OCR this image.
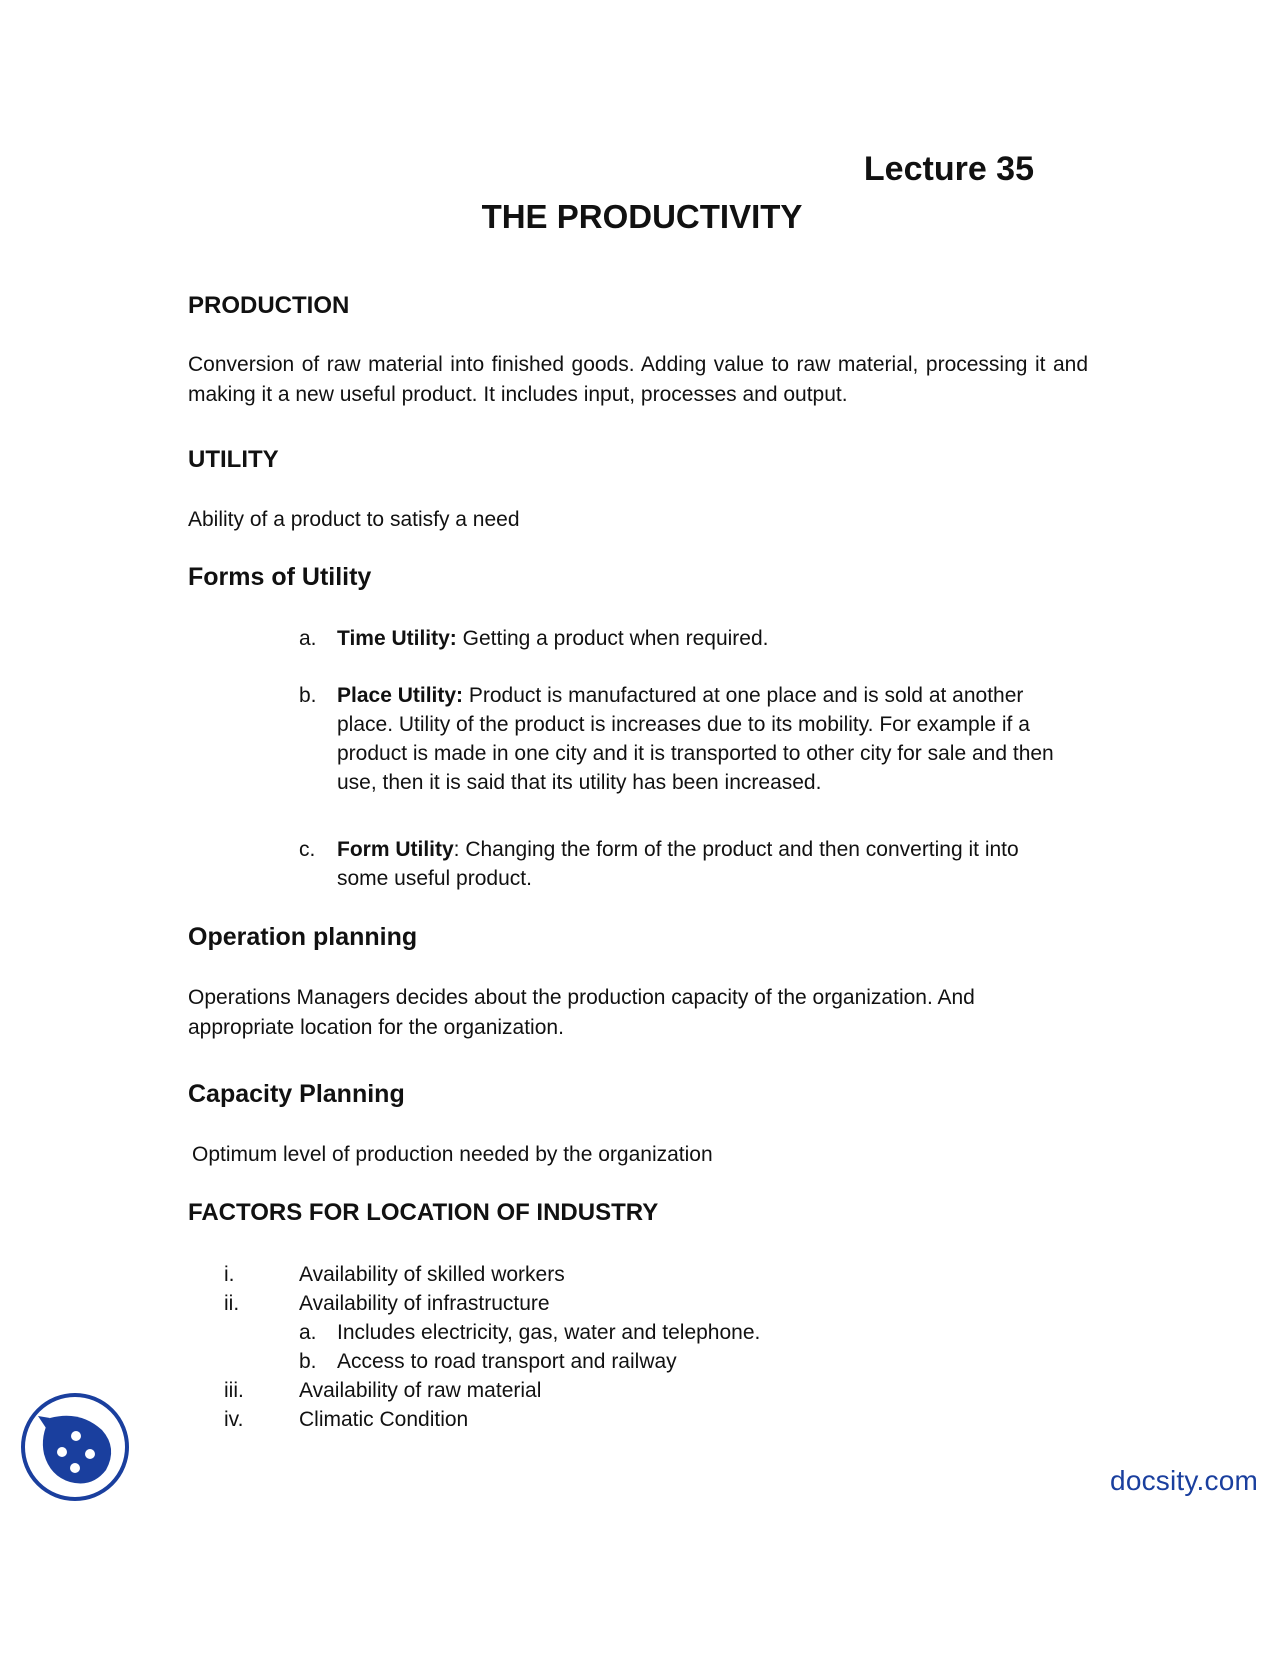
Lecture 35
THE PRODUCTIVITY
PRODUCTION
Conversion of raw material into finished goods. Adding value to raw material, processing it and making it a new useful product. It includes input, processes and output.
UTILITY
Ability of a product to satisfy a need
Forms of Utility
a. Time Utility: Getting a product when required.
b. Place Utility: Product is manufactured at one place and is sold at another place. Utility of the product is increases due to its mobility. For example if a product is made in one city and it is transported to other city for sale and then use, then it is said that its utility has been increased.
c. Form Utility: Changing the form of the product and then converting it into some useful product.
Operation planning
Operations Managers decides about the production capacity of the organization. And appropriate location for the organization.
Capacity Planning
Optimum level of production needed by the organization
FACTORS FOR LOCATION OF INDUSTRY
i.	Availability of skilled workers
ii.	Availability of infrastructure
a. Includes electricity, gas, water and telephone.
b. Access to road transport and railway
iii.	Availability of raw material
iv.	Climatic Condition
docsity.com
